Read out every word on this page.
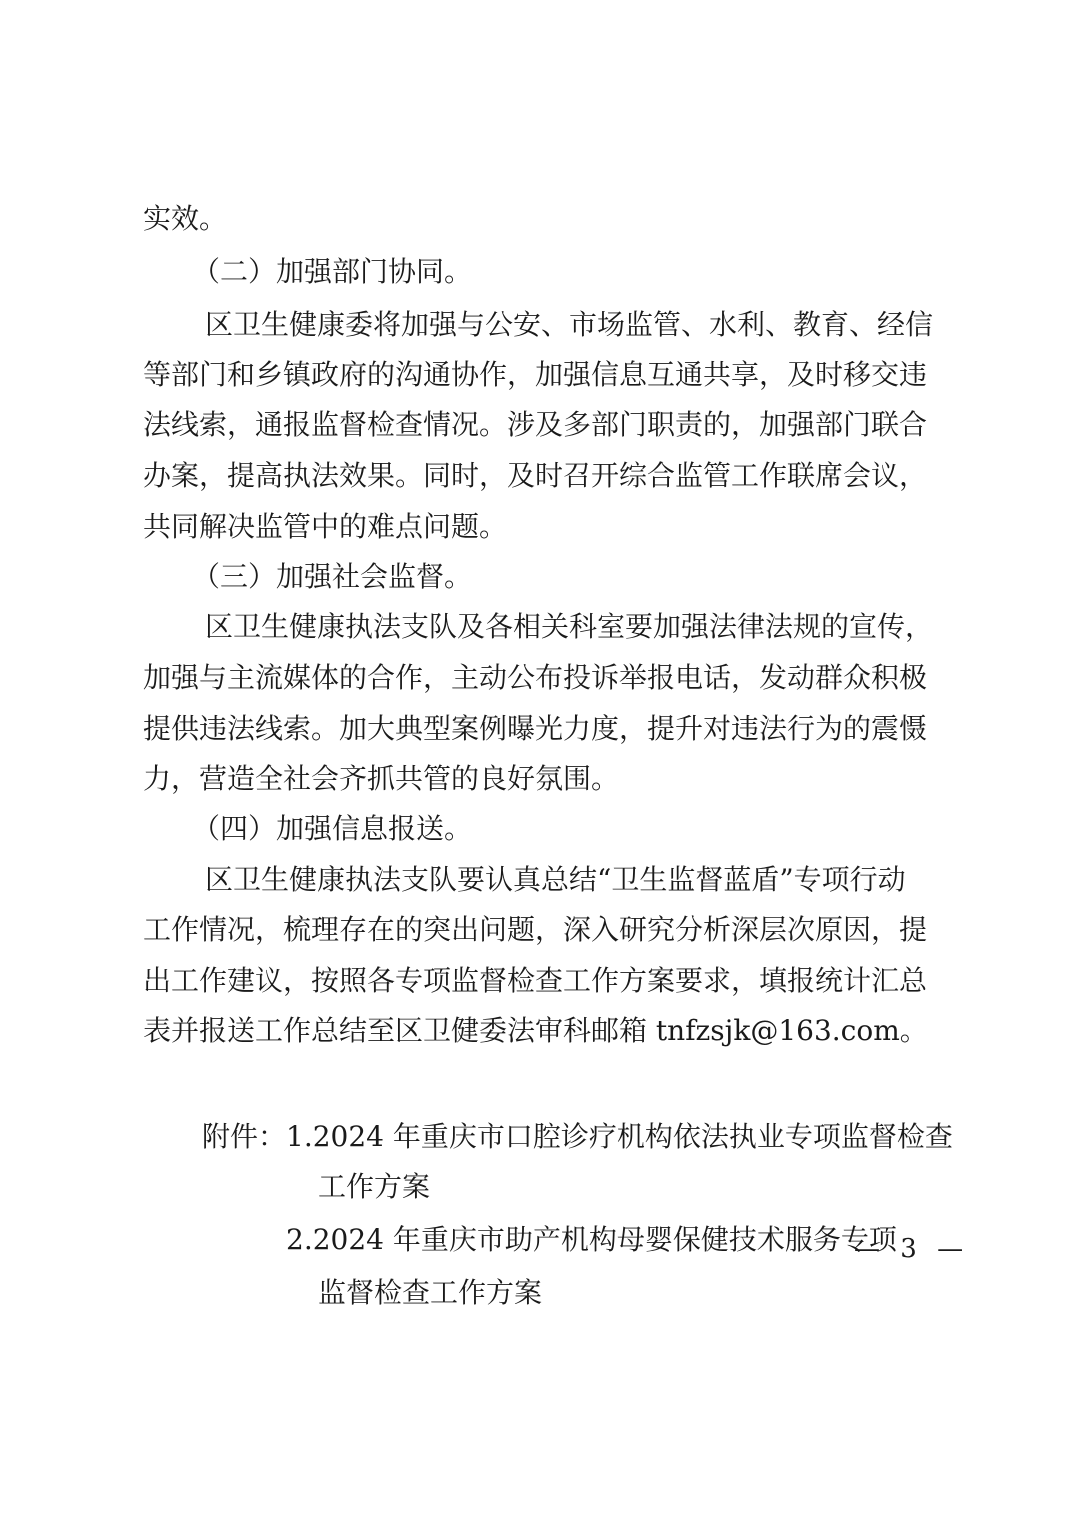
实效。
（二）加强部门协同。
区卫生健康委将加强与公安、市场监管、水利、教育、经信
等部门和乡镇政府的沟通协作，加强信息互通共享，及时移交违
法线索，通报监督检查情况。涉及多部门职责的，加强部门联合
办案，提高执法效果。同时，及时召开综合监管工作联席会议，
共同解决监管中的难点问题。
（三）加强社会监督。
区卫生健康执法支队及各相关科室要加强法律法规的宣传，
加强与主流媒体的合作，主动公布投诉举报电话，发动群众积极
提供违法线索。加大典型案例曝光力度，提升对违法行为的震慑
力，营造全社会齐抓共管的良好氛围。
（四）加强信息报送。
区卫生健康执法支队要认真总结“卫生监督蓝盾”专项行动
工作情况，梳理存在的突出问题，深入研究分析深层次原因，提
出工作建议，按照各专项监督检查工作方案要求，填报统计汇总
表并报送工作总结至区卫健委法审科邮箱 tnfzsjk@163.com。
附件：1.2024 年重庆市口腔诊疗机构依法执业专项监督检查
工作方案
2.2024 年重庆市助产机构母婴保健技术服务专项
监督检查工作方案
— 3 —
